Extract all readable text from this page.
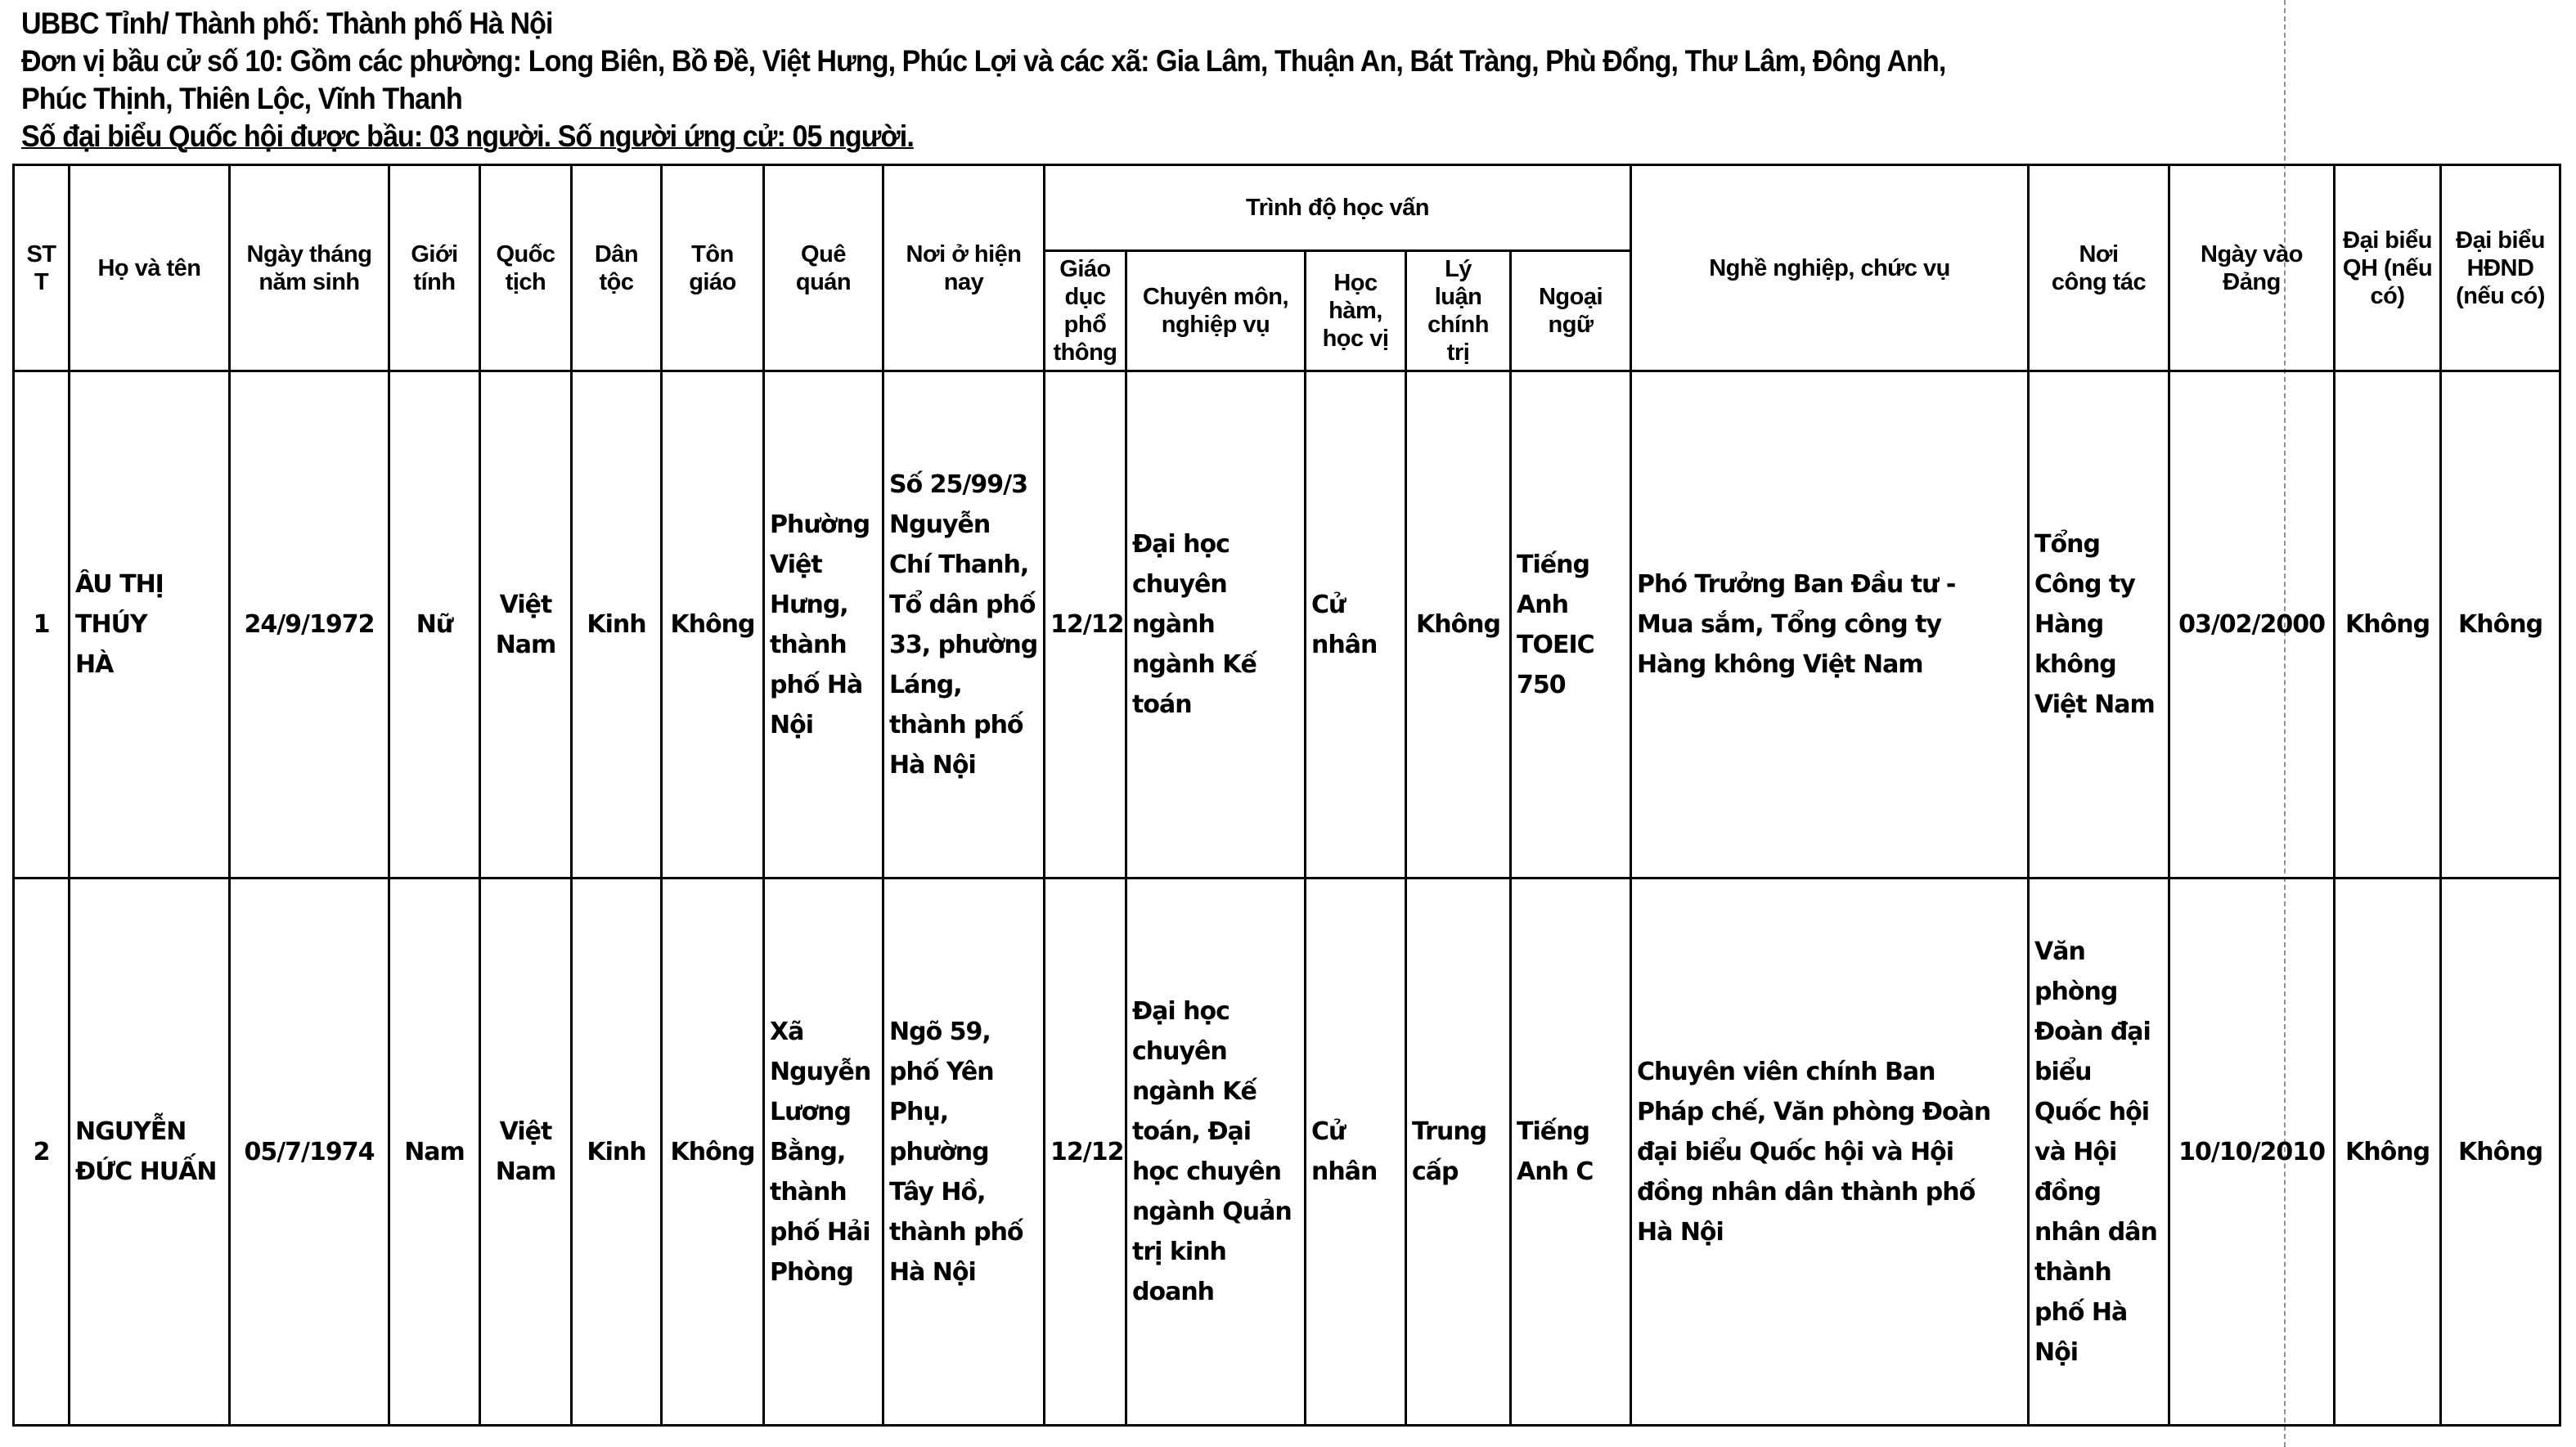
UBBC Tỉnh/ Thành phố: Thành phố Hà Nội
Đơn vị bầu cử số 10: Gồm các phường: Long Biên, Bồ Đề, Việt Hưng, Phúc Lợi và các xã: Gia Lâm, Thuận An, Bát Tràng, Phù Đổng, Thư Lâm, Đông Anh,
Phúc Thịnh, Thiên Lộc, Vĩnh Thanh
Số đại biểu Quốc hội được bầu: 03 người. Số người ứng cử: 05 người.
ST T	Họ và tên	Ngày tháng năm sinh	Giới tính	Quốc tịch	Dân tộc	Tôn giáo	Quê quán	Nơi ở hiện nay	Trình độ học vấn					Nghề nghiệp, chức vụ	Nơi công tác	Ngày vào Đảng	Đại biểu QH (nếu có)	Đại biểu HĐND (nếu có)
									Giáo dục phổ thông	Chuyên môn, nghiệp vụ	Học hàm, học vị	Lý luận chính trị	Ngoại ngữ					
1	ÂU THỊ THÚY HÀ	24/9/1972	Nữ	Việt Nam	Kinh	Không	Phường Việt Hưng, thành phố Hà Nội	Số 25/99/3 Nguyễn Chí Thanh, Tổ dân phố 33, phường Láng, thành phố Hà Nội	12/12	Đại học chuyên ngành ngành Kế toán	Cử nhân	Không	Tiếng Anh TOEIC 750	Phó Trưởng Ban Đầu tư - Mua sắm, Tổng công ty Hàng không Việt Nam	Tổng Công ty Hàng không Việt Nam	03/02/2000	Không	Không
2	NGUYỄN ĐỨC HUẤN	05/7/1974	Nam	Việt Nam	Kinh	Không	Xã Nguyễn Lương Bằng, thành phố Hải Phòng	Ngõ 59, phố Yên Phụ, phường Tây Hồ, thành phố Hà Nội	12/12	Đại học chuyên ngành Kế toán, Đại học chuyên ngành Quản trị kinh doanh	Cử nhân	Trung cấp	Tiếng Anh C	Chuyên viên chính Ban Pháp chế, Văn phòng Đoàn đại biểu Quốc hội và Hội đồng nhân dân thành phố Hà Nội	Văn phòng Đoàn đại biểu Quốc hội và Hội đồng nhân dân thành phố Hà Nội	10/10/2010	Không	Không
